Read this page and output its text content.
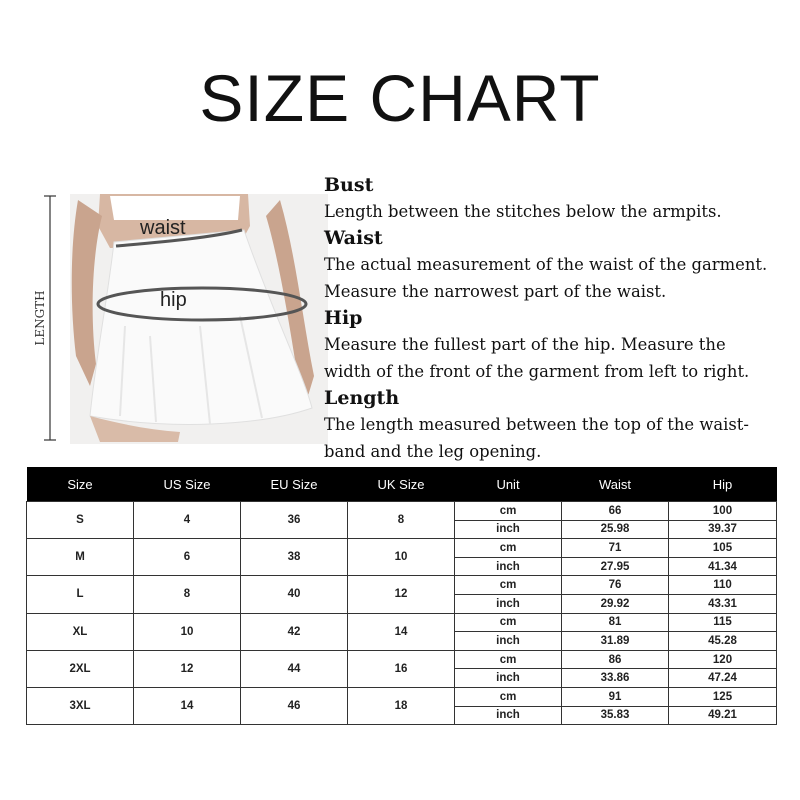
SIZE CHART
LENGTH
waist
hip
Bust
Length between the stitches below the armpits.
Waist
The actual measurement of the waist of the garment.
Measure the narrowest part of the waist.
Hip
Measure the fullest part of the hip. Measure the
width of the front of the garment from left to right.
Length
The length measured between the top of the waist-
band and the leg opening.
Size	US Size	EU Size	UK Size	Unit	Waist	Hip
S	4	36	8	cm	66	100
				inch	25.98	39.37
M	6	38	10	cm	71	105
				inch	27.95	41.34
L	8	40	12	cm	76	110
				inch	29.92	43.31
XL	10	42	14	cm	81	115
				inch	31.89	45.28
2XL	12	44	16	cm	86	120
				inch	33.86	47.24
3XL	14	46	18	cm	91	125
				inch	35.83	49.21
